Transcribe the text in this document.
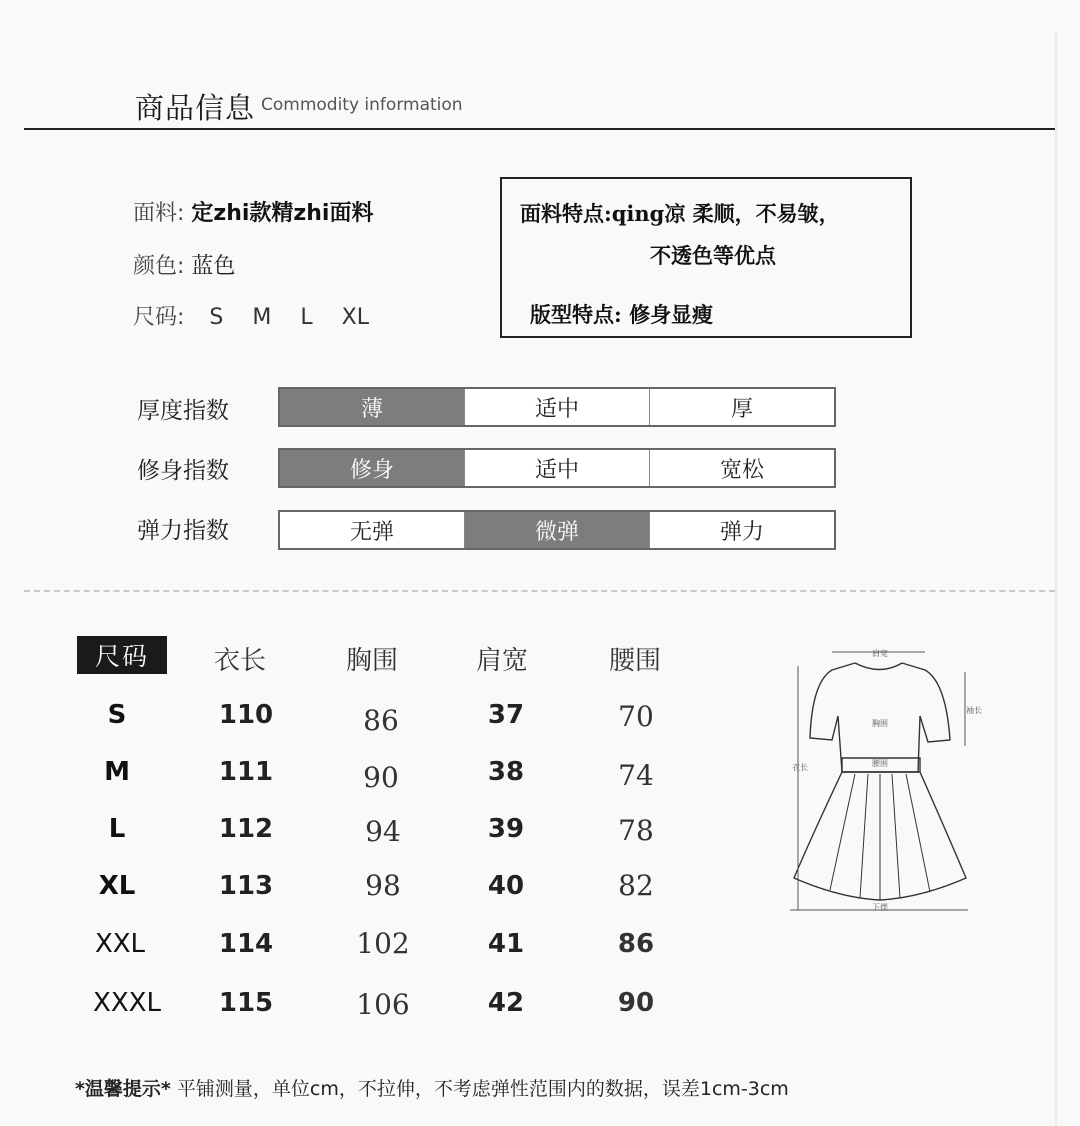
商品信息 Commodity information
面料: 定zhi款精zhi面料
颜色: 蓝色
尺码: S M L XL
面料特点:qing凉 柔顺，不易皱，
不透色等优点
版型特点: 修身显瘦
厚度指数	薄	适中	厚
修身指数	修身	适中	宽松
弹力指数	无弹	微弹	弹力
尺码	衣长	胸围	肩宽	腰围
S	110	86	37	70
M	111	90	38	74
L	112	94	39	78
XL	113	98	40	82
XXL	114	102	41	86
XXXL	115	106	42	90
肩宽
袖长
胸围
腰围
衣长
下摆
*温馨提示* 平铺测量，单位cm，不拉伸，不考虑弹性范围内的数据，误差1cm-3cm
